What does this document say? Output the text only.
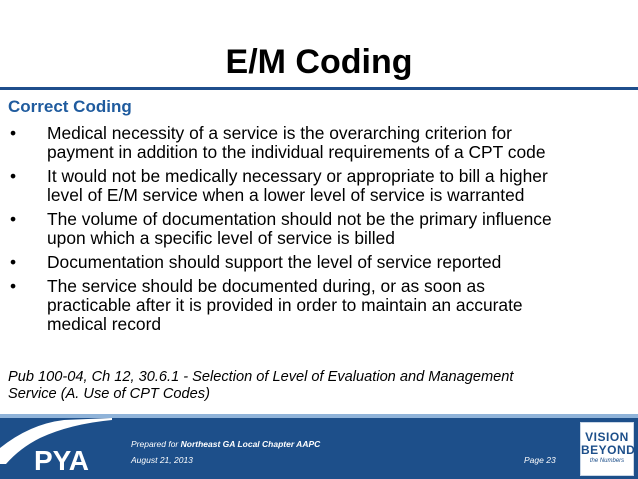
E/M Coding
Correct Coding
• Medical necessity of a service is the overarching criterion for
payment in addition to the individual requirements of a CPT code
• It would not be medically necessary or appropriate to bill a higher
level of E/M service when a lower level of service is warranted
• The volume of documentation should not be the primary influence
upon which a specific level of service is billed
• Documentation should support the level of service reported
• The service should be documented during, or as soon as
practicable after it is provided in order to maintain an accurate
medical record
Pub 100-04, Ch 12, 30.6.1 - Selection of Level of Evaluation and Management
Service (A. Use of CPT Codes)
PYA
Prepared for Northeast GA Local Chapter AAPC
August 21, 2013	Page 23
VISION
BEYOND
the Numbers
